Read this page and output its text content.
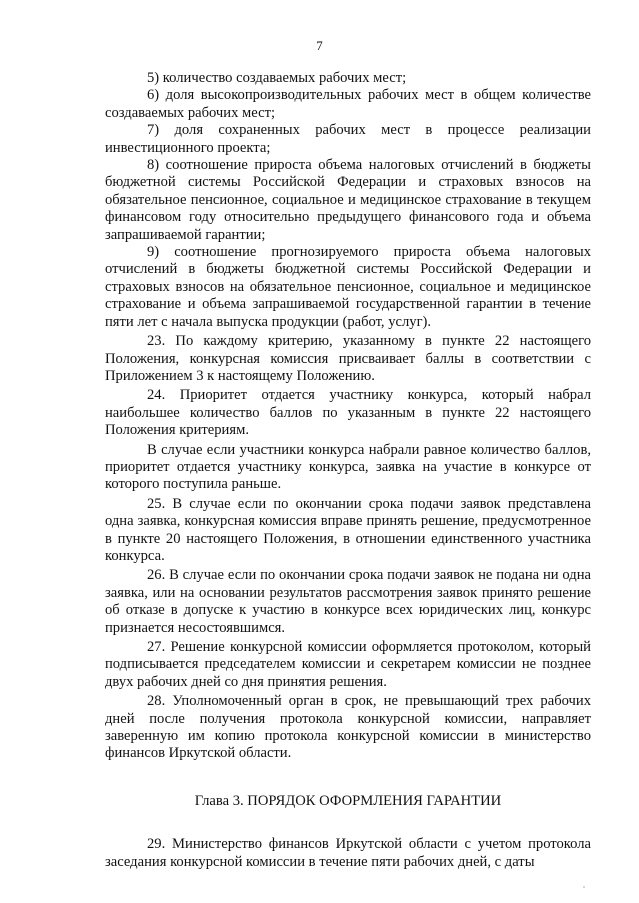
7

5) количество создаваемых рабочих мест;

6) доля высокопроизводительных рабочих мест в общем количестве создаваемых рабочих мест;

7) доля сохраненных рабочих мест в процессе реализации инвестиционного проекта;

8) соотношение прироста объема налоговых отчислений в бюджеты бюджетной системы Российской Федерации и страховых взносов на обязательное пенсионное, социальное и медицинское страхование в текущем финансовом году относительно предыдущего финансового года и объема запрашиваемой гарантии;

9) соотношение прогнозируемого прироста объема налоговых отчислений в бюджеты бюджетной системы Российской Федерации и страховых взносов на обязательное пенсионное, социальное и медицинское страхование и объема запрашиваемой государственной гарантии в течение пяти лет с начала выпуска продукции (работ, услуг).

23. По каждому критерию, указанному в пункте 22 настоящего Положения, конкурсная комиссия присваивает баллы в соответствии с Приложением 3 к настоящему Положению.

24. Приоритет отдается участнику конкурса, который набрал наибольшее количество баллов по указанным в пункте 22 настоящего Положения критериям.

В случае если участники конкурса набрали равное количество баллов, приоритет отдается участнику конкурса, заявка на участие в конкурсе от которого поступила раньше.

25. В случае если по окончании срока подачи заявок представлена одна заявка, конкурсная комиссия вправе принять решение, предусмотренное в пункте 20 настоящего Положения, в отношении единственного участника конкурса.

26. В случае если по окончании срока подачи заявок не подана ни одна заявка, или на основании результатов рассмотрения заявок принято решение об отказе в допуске к участию в конкурсе всех юридических лиц, конкурс признается несостоявшимся.

27. Решение конкурсной комиссии оформляется протоколом, который подписывается председателем комиссии и секретарем комиссии не позднее двух рабочих дней со дня принятия решения.

28. Уполномоченный орган в срок, не превышающий трех рабочих дней после получения протокола конкурсной комиссии, направляет заверенную им копию протокола конкурсной комиссии в министерство финансов Иркутской области.

Глава 3. ПОРЯДОК ОФОРМЛЕНИЯ ГАРАНТИИ

29. Министерство финансов Иркутской области с учетом протокола заседания конкурсной комиссии в течение пяти рабочих дней, с даты
